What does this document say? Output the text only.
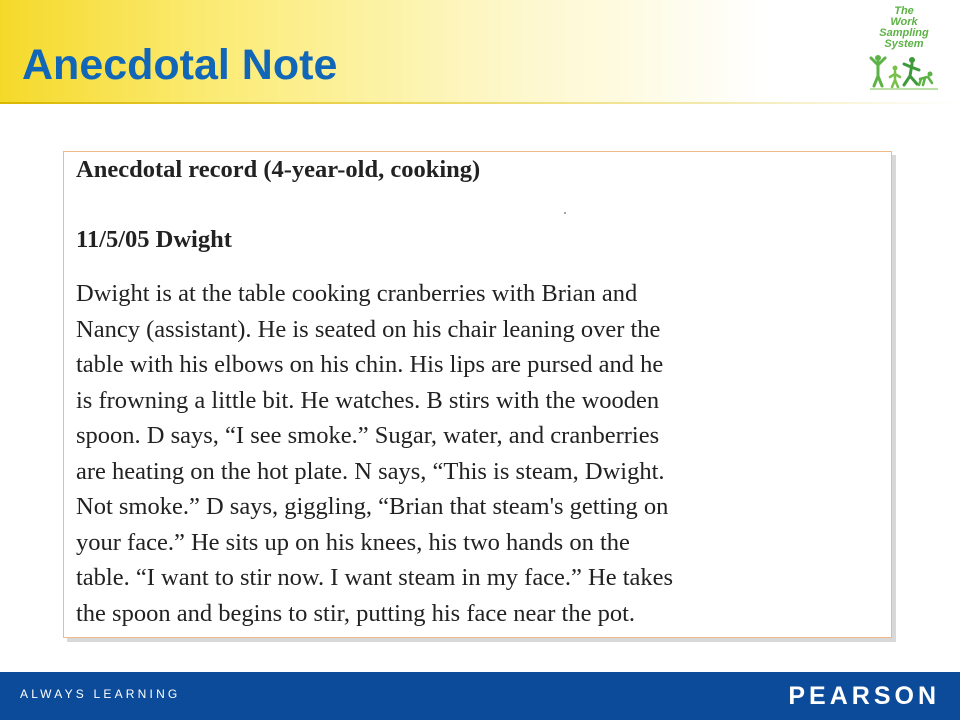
Anecdotal Note
The
Work
Sampling
System
Anecdotal record (4-year-old, cooking)
11/5/05 Dwight

Dwight is at the table cooking cranberries with Brian and
Nancy (assistant). He is seated on his chair leaning over the
table with his elbows on his chin. His lips are pursed and he
is frowning a little bit. He watches. B stirs with the wooden
spoon. D says, “I see smoke.” Sugar, water, and cranberries
are heating on the hot plate. N says, “This is steam, Dwight.
Not smoke.” D says, giggling, “Brian that steam's getting on
your face.” He sits up on his knees, his two hands on the
table. “I want to stir now. I want steam in my face.” He takes
the spoon and begins to stir, putting his face near the pot.

ALWAYS LEARNING	PEARSON
